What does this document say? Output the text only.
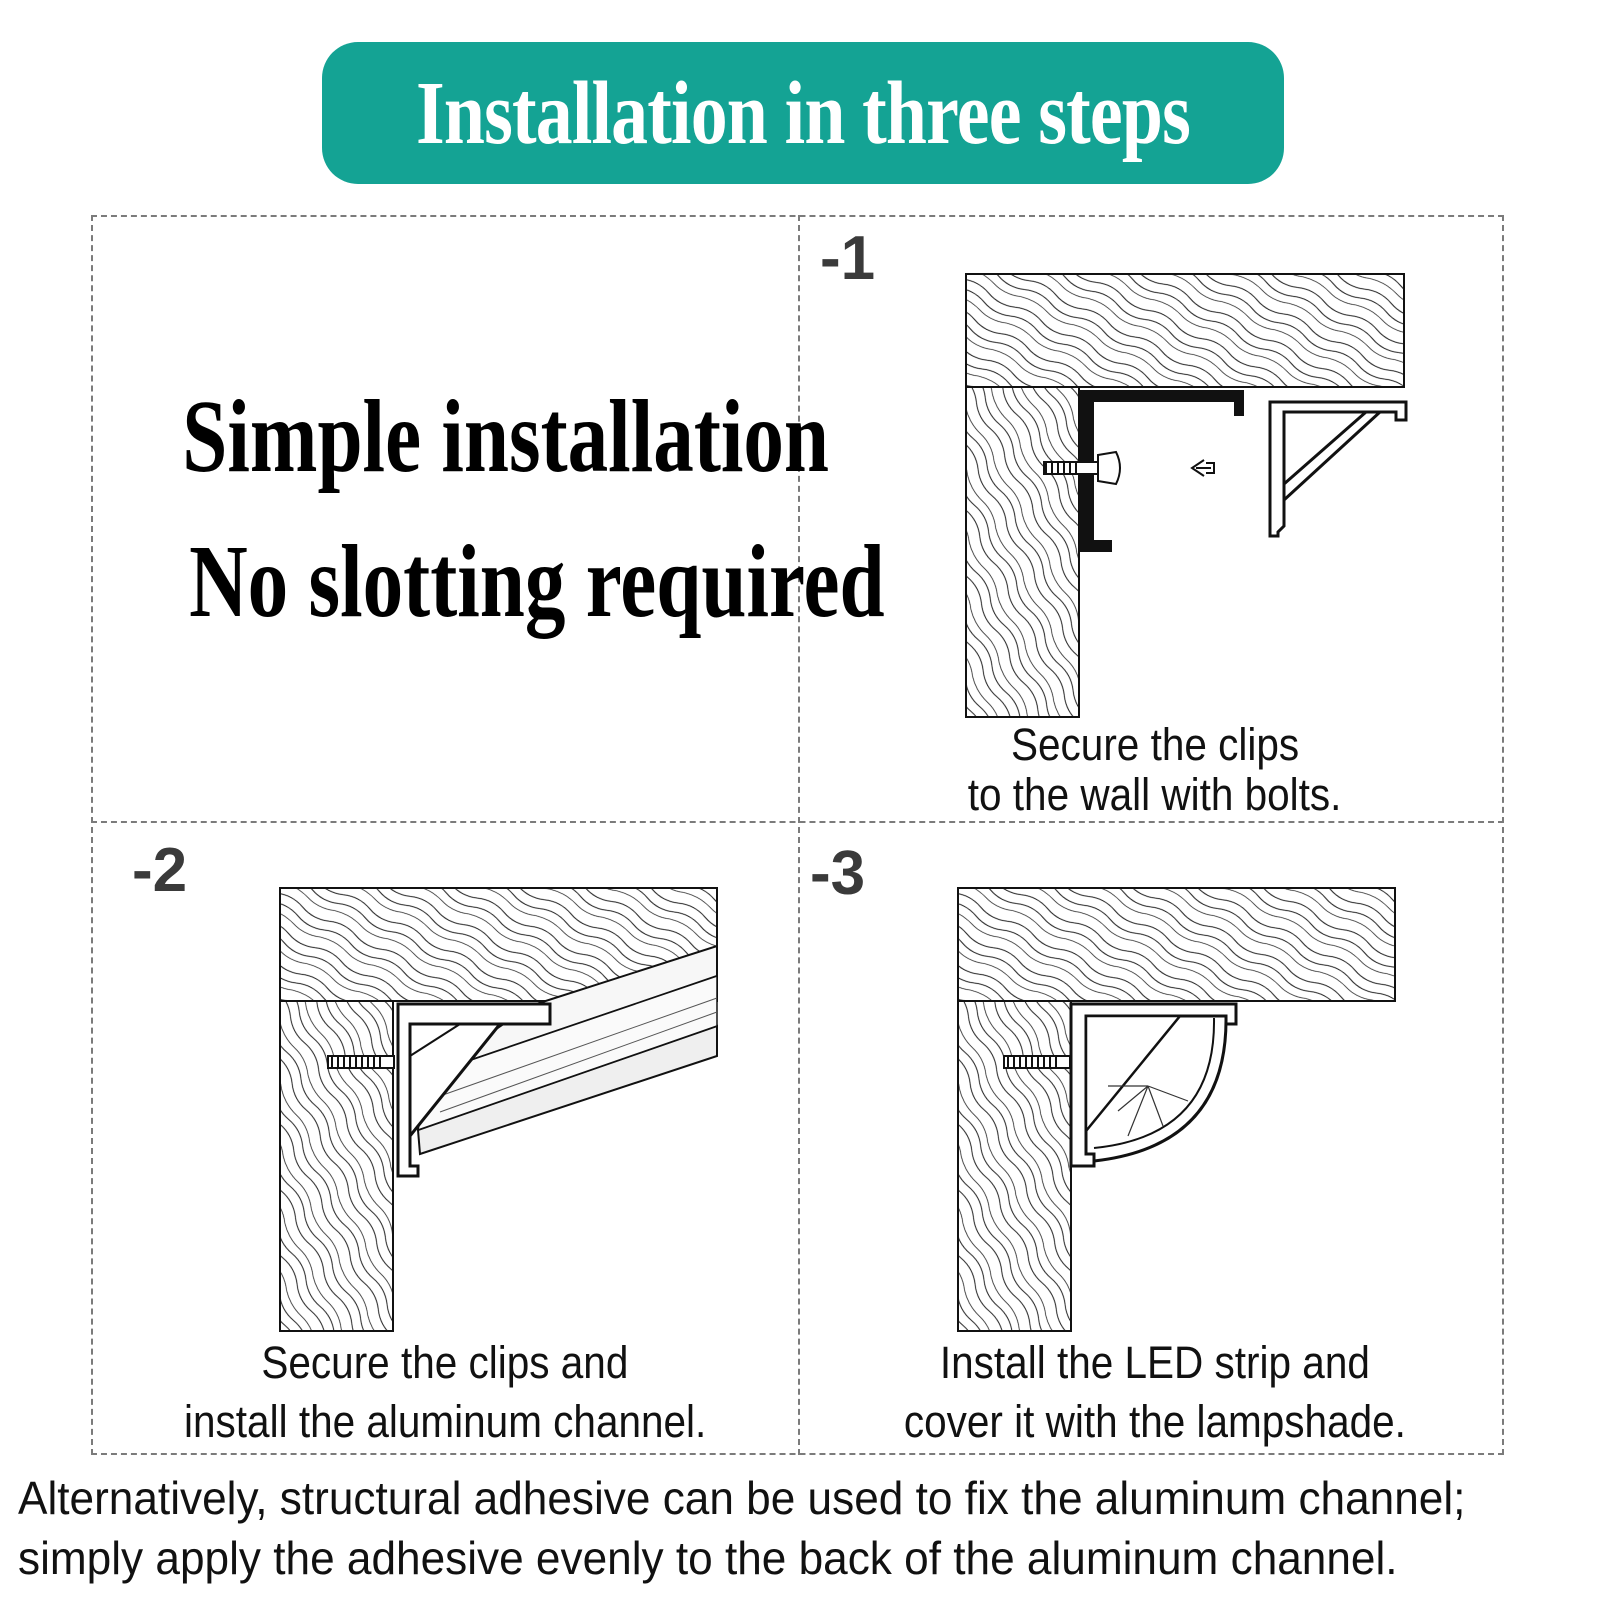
Installation in three steps
Simple installation
No slotting required
-1
-2	-3
Secure the clips
to the wall with bolts.
Secure the clips and
install the aluminum channel.
Install the LED strip and
cover it with the lampshade.
Alternatively, structural adhesive can be used to fix the aluminum channel;
simply apply the adhesive evenly to the back of the aluminum channel.
